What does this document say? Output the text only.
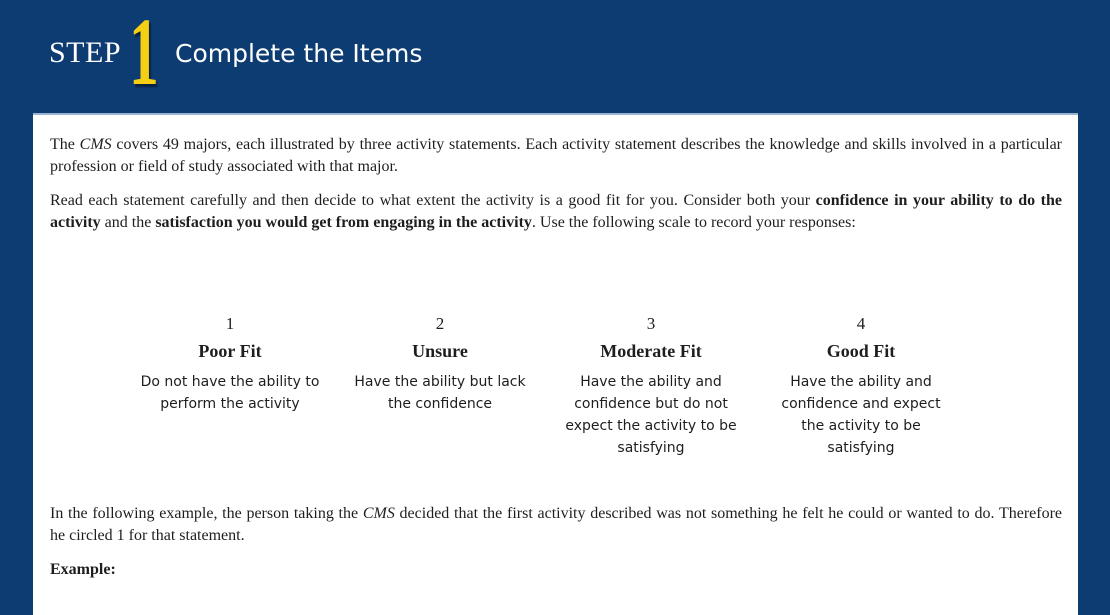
STEP 1 Complete the Items

The CMS covers 49 majors, each illustrated by three activity statements. Each activity statement describes the knowledge and skills involved in a particular profession or field of study associated with that major.

Read each statement carefully and then decide to what extent the activity is a good fit for you. Consider both your confidence in your ability to do the activity and the satisfaction you would get from engaging in the activity. Use the following scale to record your responses:

1
Poor Fit
Do not have the ability to perform the activity
2
Unsure
Have the ability but lack the confidence
3
Moderate Fit
Have the ability and confidence but do not expect the activity to be satisfying
4
Good Fit
Have the ability and confidence and expect the activity to be satisfying

In the following example, the person taking the CMS decided that the first activity described was not something he felt he could or wanted to do. Therefore he circled 1 for that statement.

Example:
